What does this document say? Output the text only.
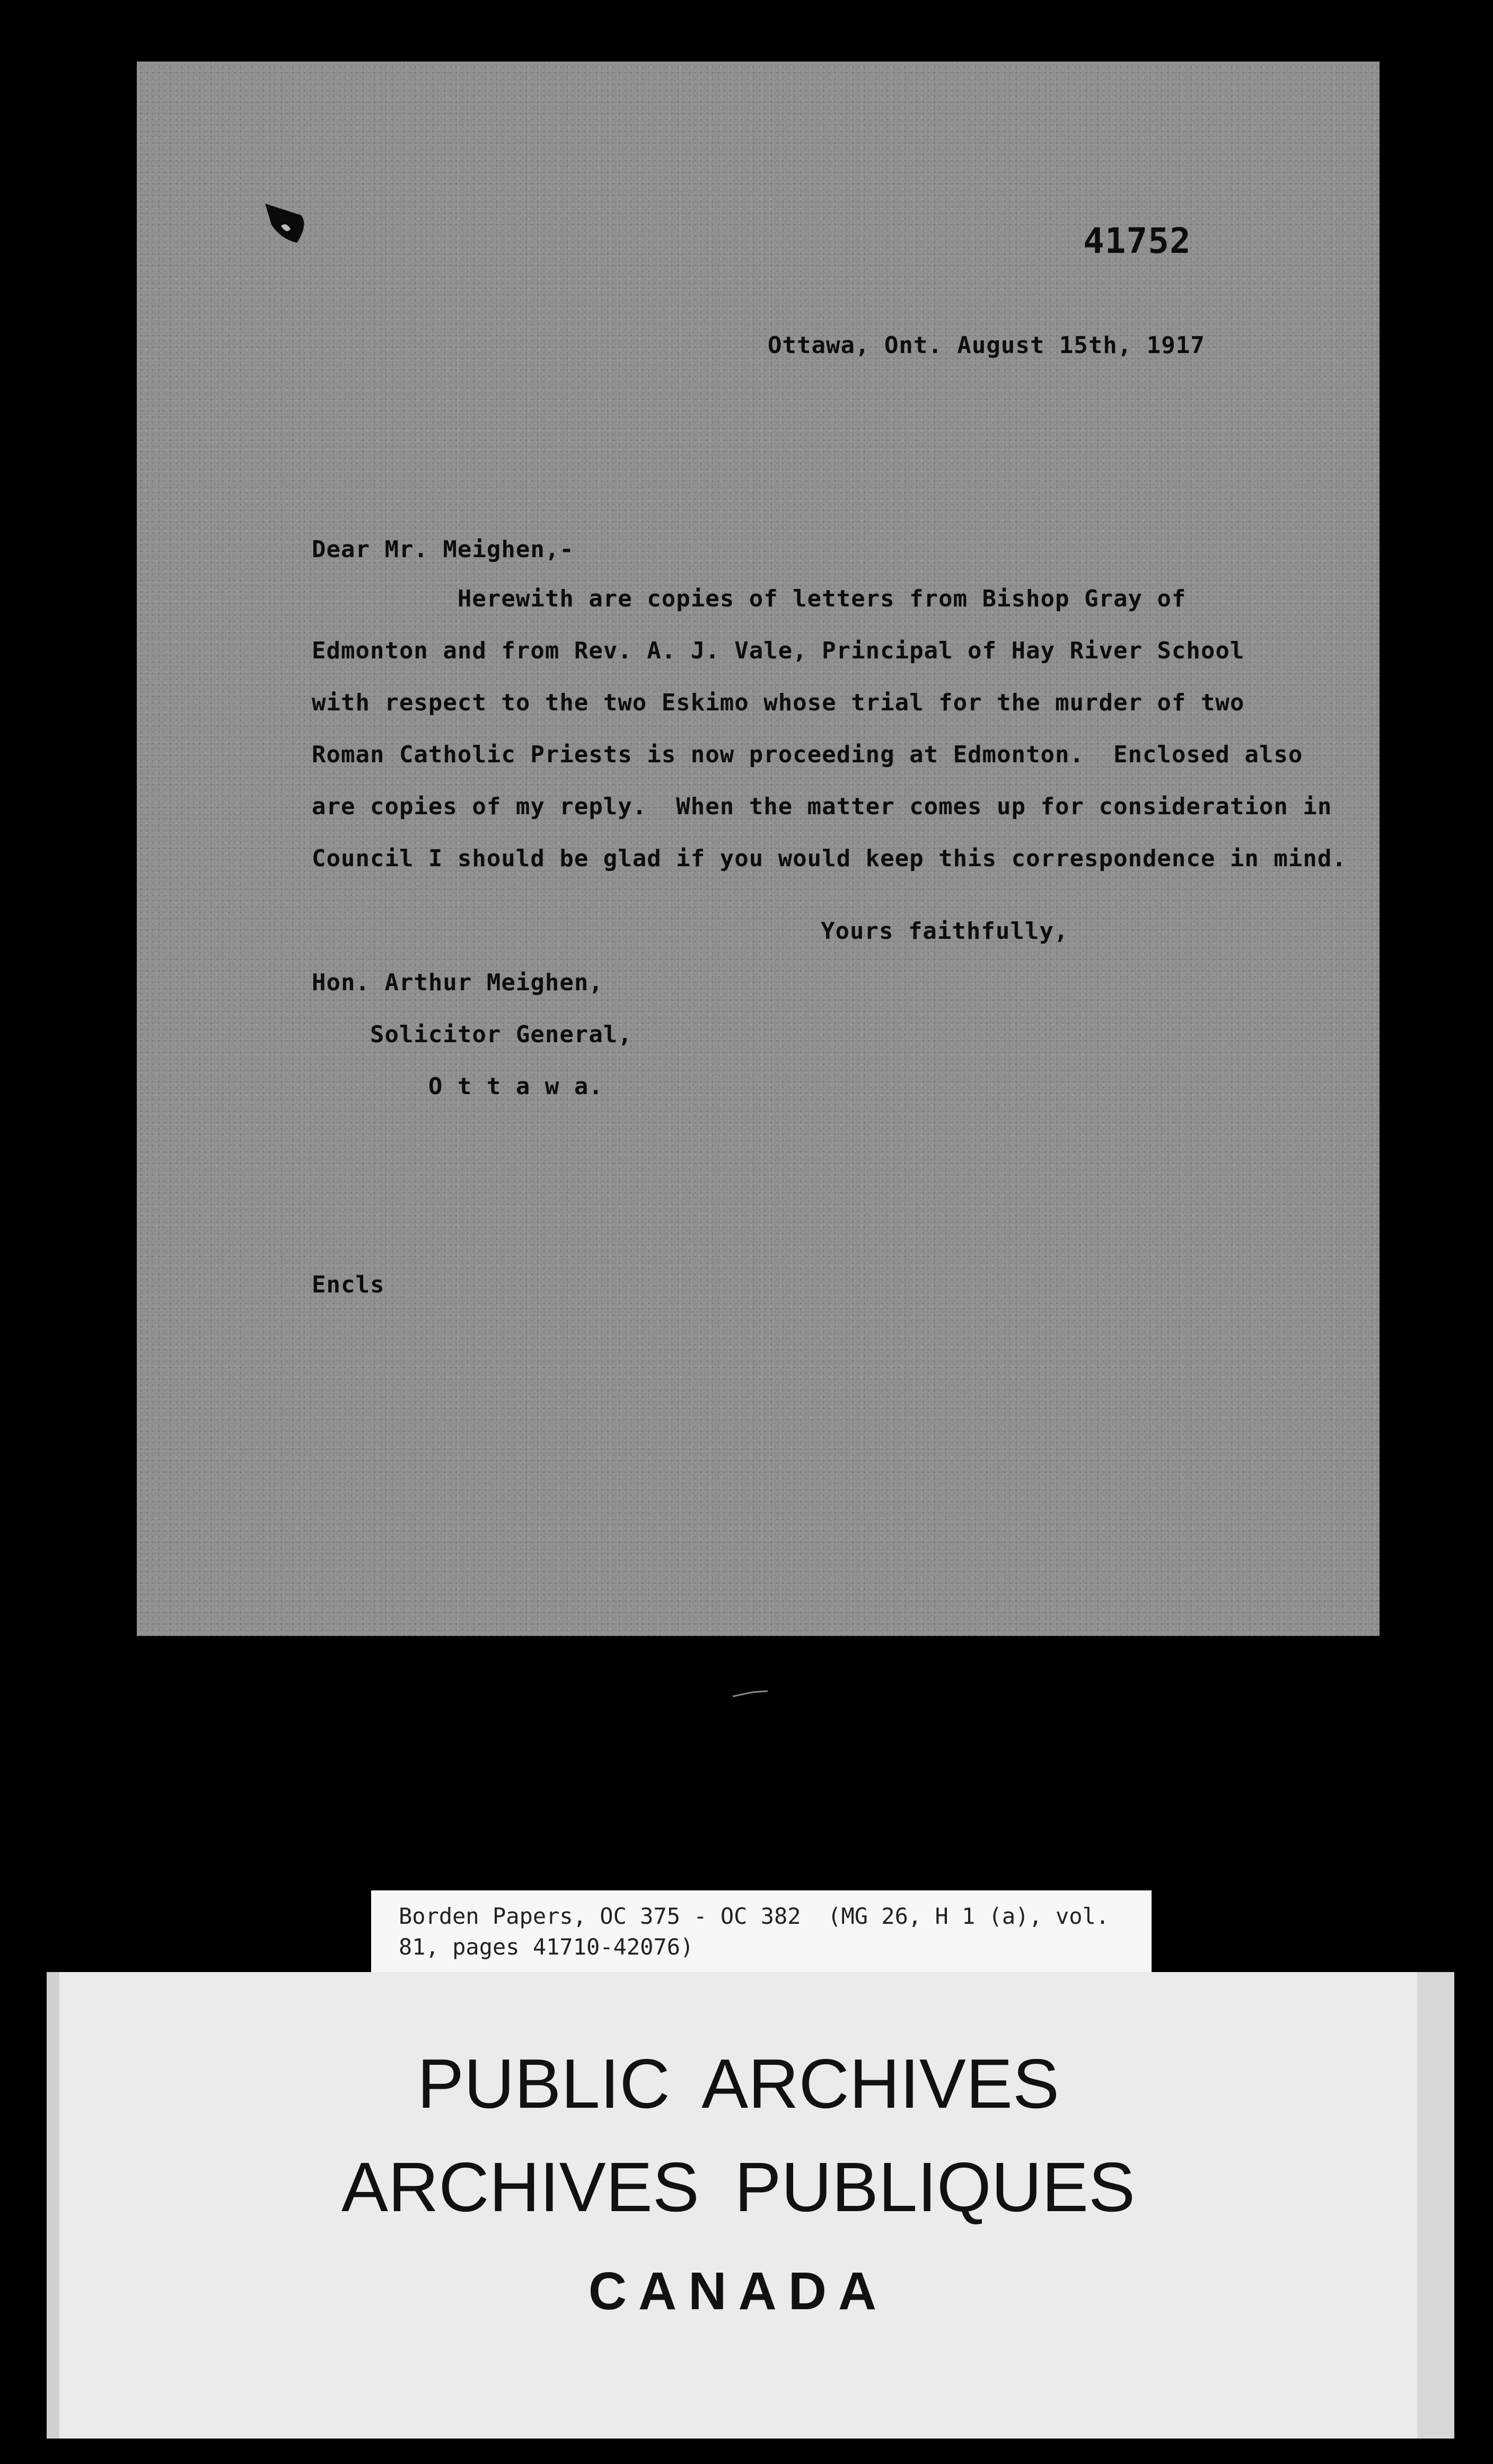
41752
Ottawa, Ont. August 15th, 1917
Dear Mr. Meighen,-
Herewith are copies of letters from Bishop Gray of
Edmonton and from Rev. A. J. Vale, Principal of Hay River School
with respect to the two Eskimo whose trial for the murder of two
Roman Catholic Priests is now proceeding at Edmonton.  Enclosed also
are copies of my reply.  When the matter comes up for consideration in
Council I should be glad if you would keep this correspondence in mind.
Yours faithfully,
Hon. Arthur Meighen,
Solicitor General,
O t t a w a.
Encls
Borden Papers, OC 375 - OC 382  (MG 26, H 1 (a), vol. 81, pages 41710-42076)
PUBLIC ARCHIVES
ARCHIVES PUBLIQUES
CANADA
